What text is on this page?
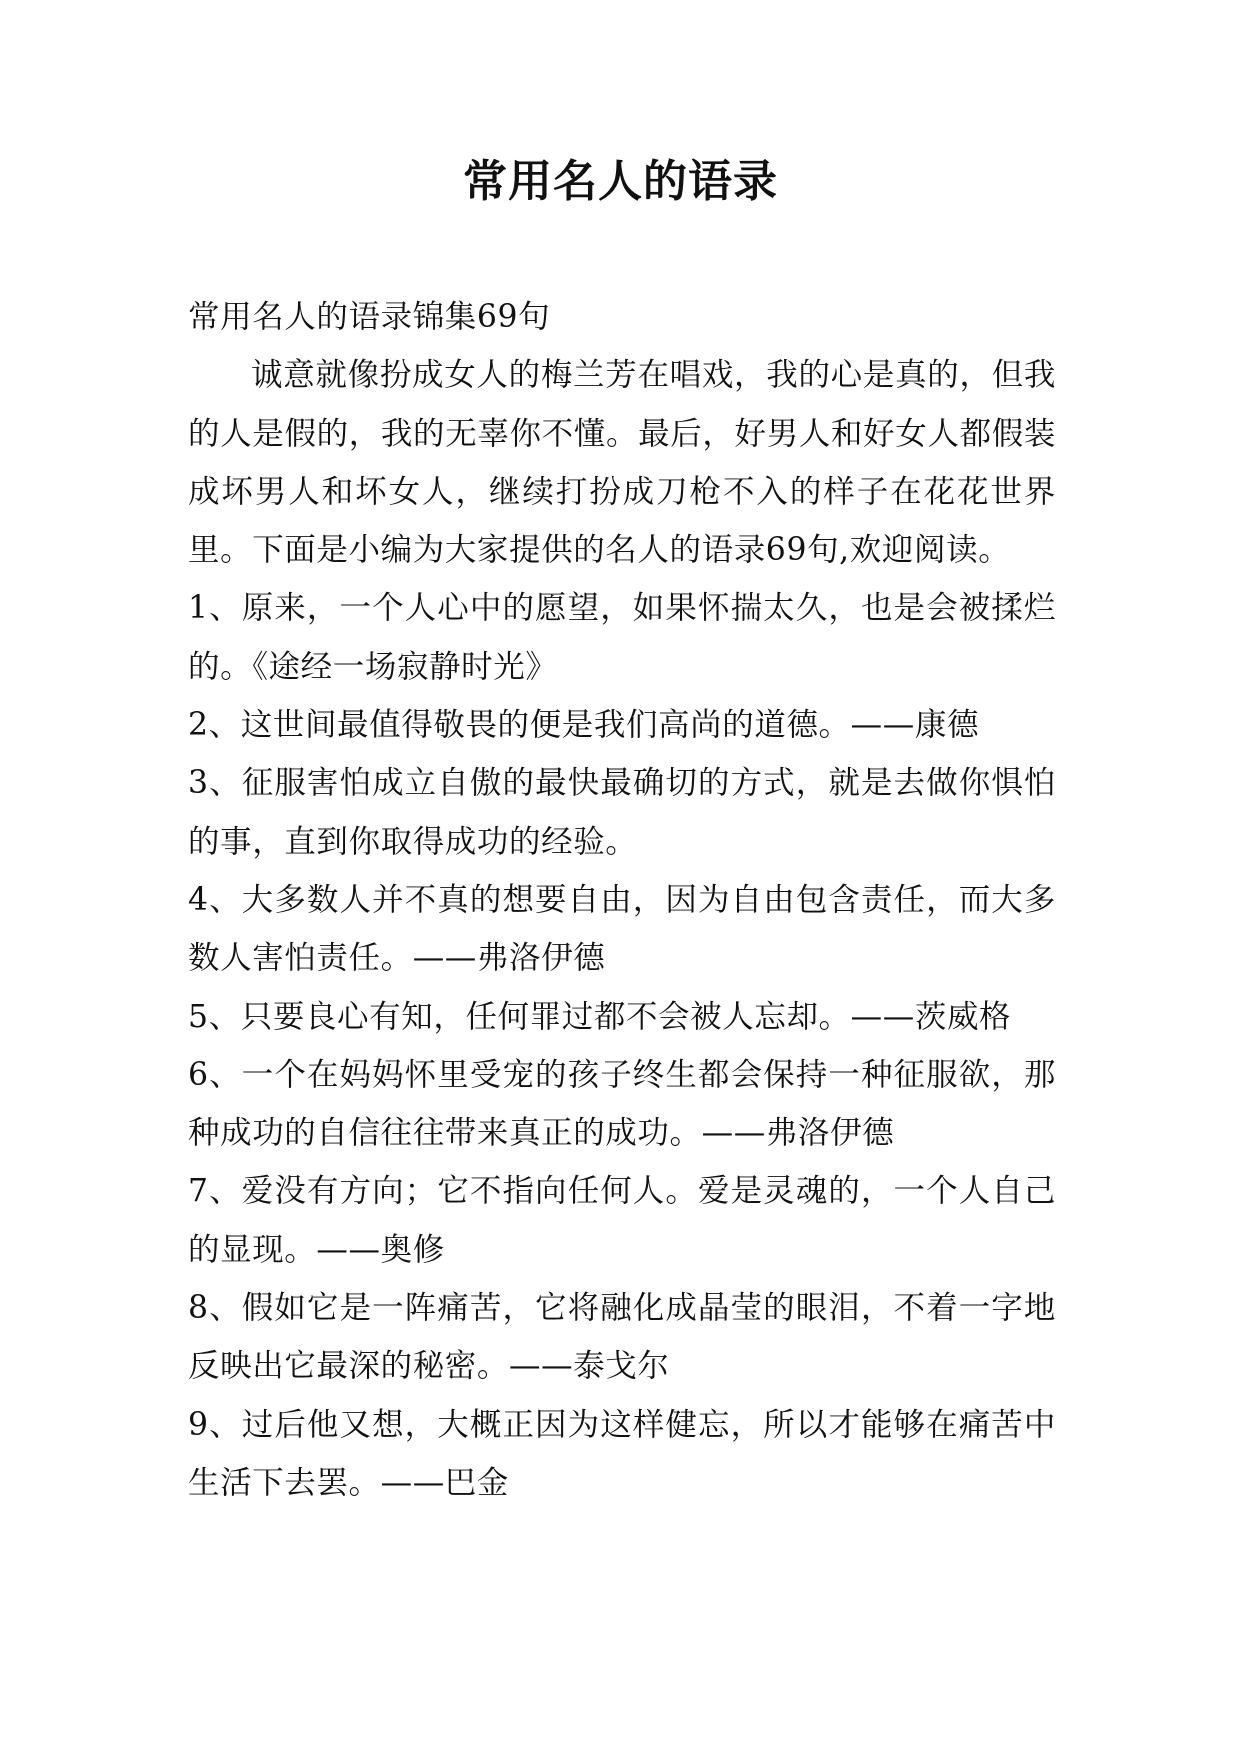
常用名人的语录

常用名人的语录锦集69句

诚意就像扮成女人的梅兰芳在唱戏，我的心是真的，但我的人是假的，我的无辜你不懂。最后，好男人和好女人都假装成坏男人和坏女人，继续打扮成刀枪不入的样子在花花世界里。下面是小编为大家提供的名人的语录69句,欢迎阅读。

1、原来，一个人心中的愿望，如果怀揣太久，也是会被揉烂的。《途经一场寂静时光》

2、这世间最值得敬畏的便是我们高尚的道德。——康德

3、征服害怕成立自傲的最快最确切的方式，就是去做你惧怕的事，直到你取得成功的经验。

4、大多数人并不真的想要自由，因为自由包含责任，而大多数人害怕责任。——弗洛伊德

5、只要良心有知，任何罪过都不会被人忘却。——茨威格

6、一个在妈妈怀里受宠的孩子终生都会保持一种征服欲，那种成功的自信往往带来真正的成功。——弗洛伊德

7、爱没有方向；它不指向任何人。爱是灵魂的，一个人自己的显现。——奥修

8、假如它是一阵痛苦，它将融化成晶莹的眼泪，不着一字地反映出它最深的秘密。——泰戈尔

9、过后他又想，大概正因为这样健忘，所以才能够在痛苦中生活下去罢。——巴金
